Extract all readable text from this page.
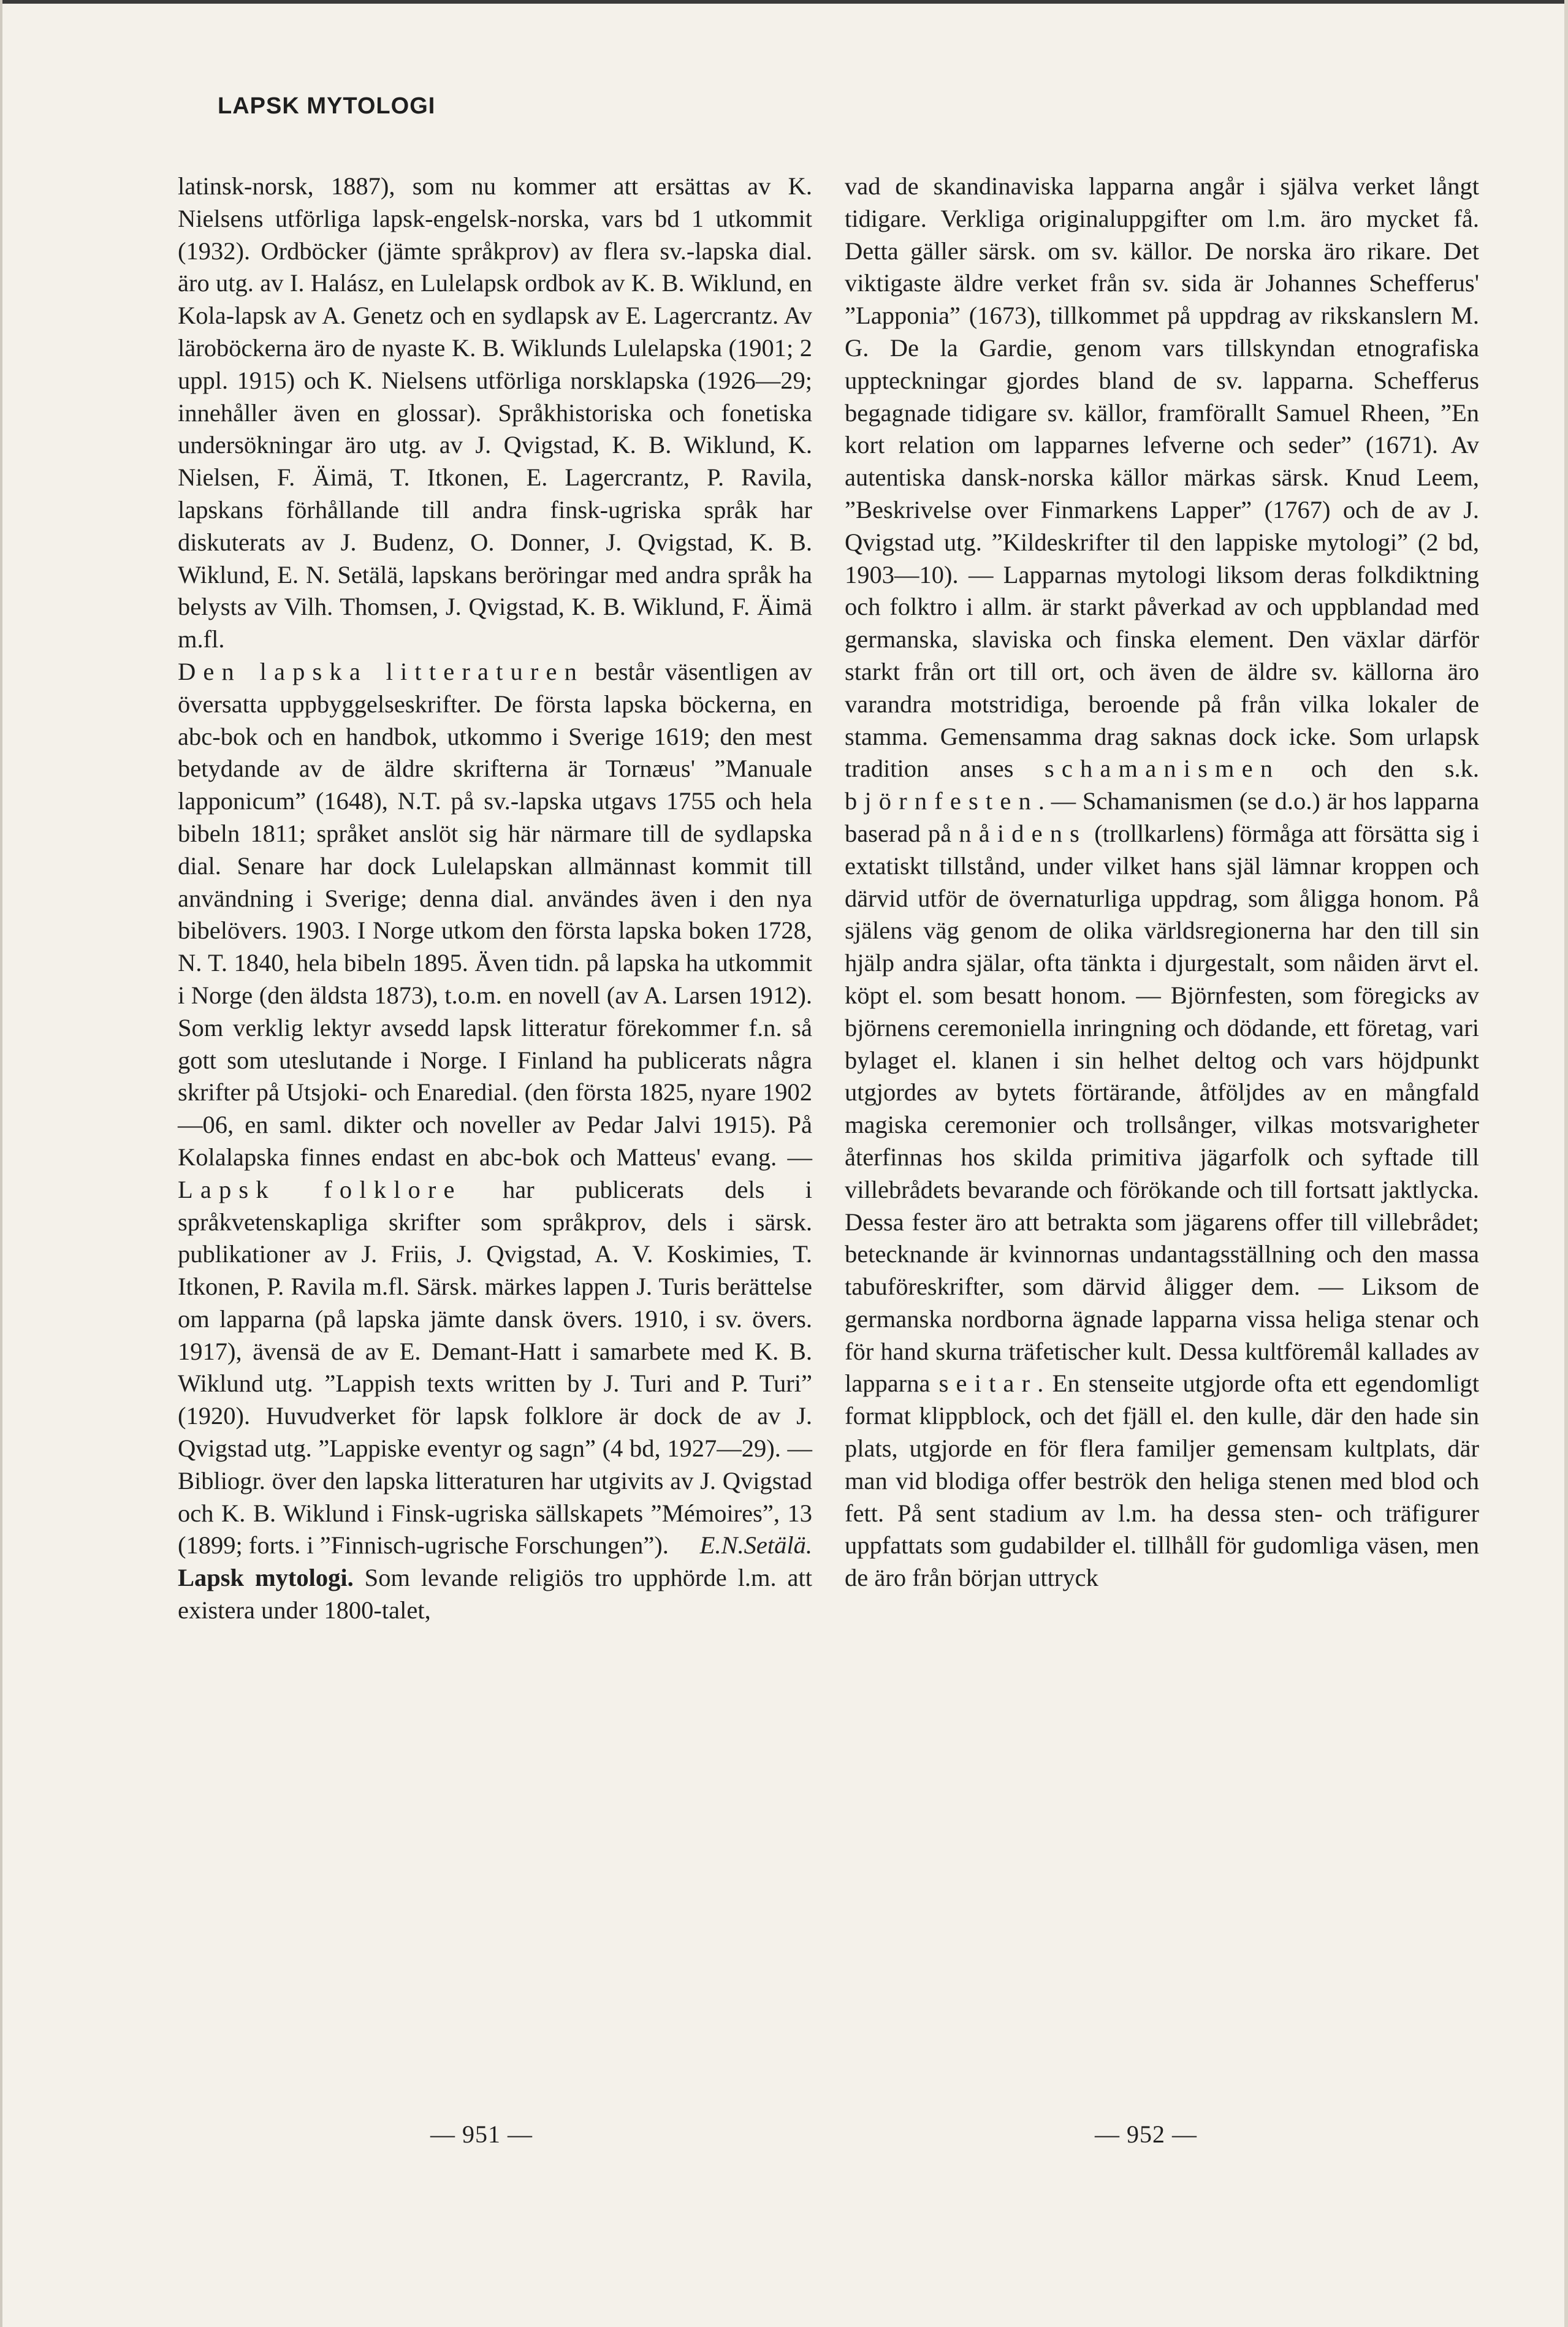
LAPSK MYTOLOGI

latinsk-norsk, 1887), som nu kommer att ersättas av K. Nielsens utförliga lapsk-engelsk-norska, vars bd 1 utkommit (1932). Ordböcker (jämte språkprov) av flera sv.-lapska dial. äro utg. av I. Halász, en Lulelapsk ordbok av K. B. Wiklund, en Kola-lapsk av A. Genetz och en sydlapsk av E. Lagercrantz. Av läroböckerna äro de nyaste K. B. Wiklunds Lulelapska (1901; 2 uppl. 1915) och K. Nielsens utförliga norsklapska (1926—29; innehåller även en glossar). Språkhistoriska och fonetiska undersökningar äro utg. av J. Qvigstad, K. B. Wiklund, K. Nielsen, F. Äimä, T. Itkonen, E. Lagercrantz, P. Ravila, lapskans förhållande till andra finsk-ugriska språk har diskuterats av J. Budenz, O. Donner, J. Qvigstad, K. B. Wiklund, E. N. Setälä, lapskans beröringar med andra språk ha belysts av Vilh. Thomsen, J. Qvigstad, K. B. Wiklund, F. Äimä m.fl.

Den lapska litteraturen består väsentligen av översatta uppbyggelseskrifter. De första lapska böckerna, en abc-bok och en handbok, utkommo i Sverige 1619; den mest betydande av de äldre skrifterna är Tornæus' ”Manuale lapponicum” (1648), N.T. på sv.-lapska utgavs 1755 och hela bibeln 1811; språket anslöt sig här närmare till de sydlapska dial. Senare har dock Lulelapskan allmännast kommit till användning i Sverige; denna dial. användes även i den nya bibelövers. 1903. I Norge utkom den första lapska boken 1728, N. T. 1840, hela bibeln 1895. Även tidn. på lapska ha utkommit i Norge (den äldsta 1873), t.o.m. en novell (av A. Larsen 1912). Som verklig lektyr avsedd lapsk litteratur förekommer f.n. så gott som uteslutande i Norge. I Finland ha publicerats några skrifter på Utsjoki- och Enaredial. (den första 1825, nyare 1902—06, en saml. dikter och noveller av Pedar Jalvi 1915). På Kolalapska finnes endast en abc-bok och Matteus' evang. — Lapsk folklore har publicerats dels i språkvetenskapliga skrifter som språkprov, dels i särsk. publikationer av J. Friis, J. Qvigstad, A. V. Koskimies, T. Itkonen, P. Ravila m.fl. Särsk. märkes lappen J. Turis berättelse om lapparna (på lapska jämte dansk övers. 1910, i sv. övers. 1917), ävensä de av E. Demant-Hatt i samarbete med K. B. Wiklund utg. ”Lappish texts written by J. Turi and P. Turi” (1920). Huvudverket för lapsk folklore är dock de av J. Qvigstad utg. ”Lappiske eventyr og sagn” (4 bd, 1927—29). — Bibliogr. över den lapska litteraturen har utgivits av J. Qvigstad och K. B. Wiklund i Finsk-ugriska sällskapets ”Mémoires”, 13 (1899; forts. i ”Finnisch-ugrische Forschungen”). E.N.Setälä.

Lapsk mytologi. Som levande religiös tro upphörde l.m. att existera under 1800-talet,

vad de skandinaviska lapparna angår i själva verket långt tidigare. Verkliga originaluppgifter om l.m. äro mycket få. Detta gäller särsk. om sv. källor. De norska äro rikare. Det viktigaste äldre verket från sv. sida är Johannes Schefferus' ”Lapponia” (1673), tillkommet på uppdrag av rikskanslern M. G. De la Gardie, genom vars tillskyndan etnografiska uppteckningar gjordes bland de sv. lapparna. Schefferus begagnade tidigare sv. källor, framförallt Samuel Rheen, ”En kort relation om lapparnes lefverne och seder” (1671). Av autentiska dansk-norska källor märkas särsk. Knud Leem, ”Beskrivelse over Finmarkens Lapper” (1767) och de av J. Qvigstad utg. ”Kildeskrifter til den lappiske mytologi” (2 bd, 1903—10). — Lapparnas mytologi liksom deras folkdiktning och folktro i allm. är starkt påverkad av och uppblandad med germanska, slaviska och finska element. Den växlar därför starkt från ort till ort, och även de äldre sv. källorna äro varandra motstridiga, beroende på från vilka lokaler de stamma. Gemensamma drag saknas dock icke. Som urlapsk tradition anses schamanismen och den s.k. björnfesten. — Schamanismen (se d.o.) är hos lapparna baserad på nåidens (trollkarlens) förmåga att försätta sig i extatiskt tillstånd, under vilket hans själ lämnar kroppen och därvid utför de övernaturliga uppdrag, som åligga honom. På själens väg genom de olika världsregionerna har den till sin hjälp andra själar, ofta tänkta i djurgestalt, som nåiden ärvt el. köpt el. som besatt honom. — Björnfesten, som föregicks av björnens ceremoniella inringning och dödande, ett företag, vari bylaget el. klanen i sin helhet deltog och vars höjdpunkt utgjordes av bytets förtärande, åtföljdes av en mångfald magiska ceremonier och trollsånger, vilkas motsvarigheter återfinnas hos skilda primitiva jägarfolk och syftade till villebrådets bevarande och förökande och till fortsatt jaktlycka. Dessa fester äro att betrakta som jägarens offer till villebrådet; betecknande är kvinnornas undantagsställning och den massa tabuföreskrifter, som därvid åligger dem. — Liksom de germanska nordborna ägnade lapparna vissa heliga stenar och för hand skurna träfetischer kult. Dessa kultföremål kallades av lapparna seitar. En stenseite utgjorde ofta ett egendomligt format klippblock, och det fjäll el. den kulle, där den hade sin plats, utgjorde en för flera familjer gemensam kultplats, där man vid blodiga offer beströk den heliga stenen med blod och fett. På sent stadium av l.m. ha dessa sten- och träfigurer uppfattats som gudabilder el. tillhåll för gudomliga väsen, men de äro från början uttryck

— 951 —	— 952 —
